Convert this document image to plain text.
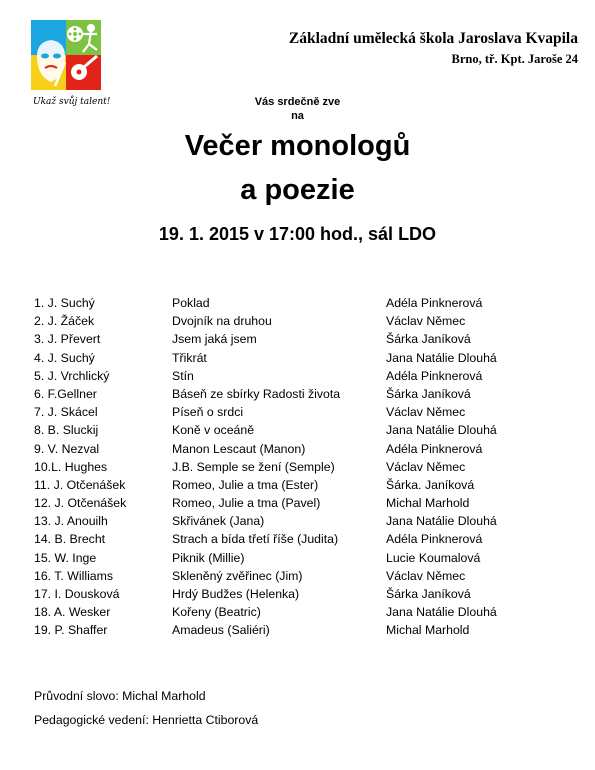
Ukaž svůj talent!
Základní umělecká škola Jaroslava Kvapila
Brno, tř. Kpt. Jaroše 24
Vás srdečně zve
na
Večer monologů
a poezie
19. 1. 2015 v 17:00 hod., sál LDO
1. J. Suchý	Poklad	Adéla Pinknerová
2. J. Žáček	Dvojník na druhou	Václav Němec
3. J. Převert	Jsem jaká jsem	Šárka Janíková
4. J. Suchý	Třikrát	Jana Natálie Dlouhá
5. J. Vrchlický	Stín	Adéla Pinknerová
6. F.Gellner	Báseň ze sbírky Radosti života	Šárka Janíková
7. J. Skácel	Píseň o srdci	Václav Němec
8. B. Sluckij	Koně v oceáně	Jana Natálie Dlouhá
9. V. Nezval	Manon Lescaut (Manon)	Adéla Pinknerová
10.L. Hughes	J.B. Semple se žení (Semple)	Václav Němec
11. J. Otčenášek	Romeo, Julie a tma (Ester)	Šárka. Janíková
12. J. Otčenášek	Romeo, Julie a tma (Pavel)	Michal Marhold
13. J. Anouilh	Skřivánek (Jana)	Jana Natálie Dlouhá
14. B. Brecht	Strach a bída třetí říše (Judita)	Adéla Pinknerová
15. W. Inge	Piknik (Millie)	Lucie Koumalová
16. T. Williams	Skleněný zvěřinec (Jim)	Václav Němec
17. I. Dousková	Hrdý Budžes (Helenka)	Šárka Janíková
18. A. Wesker	Kořeny (Beatric)	Jana Natálie Dlouhá
19. P. Shaffer	Amadeus (Saliéri)	Michal Marhold
Průvodní slovo: Michal Marhold
Pedagogické vedení: Henrietta Ctiborová
